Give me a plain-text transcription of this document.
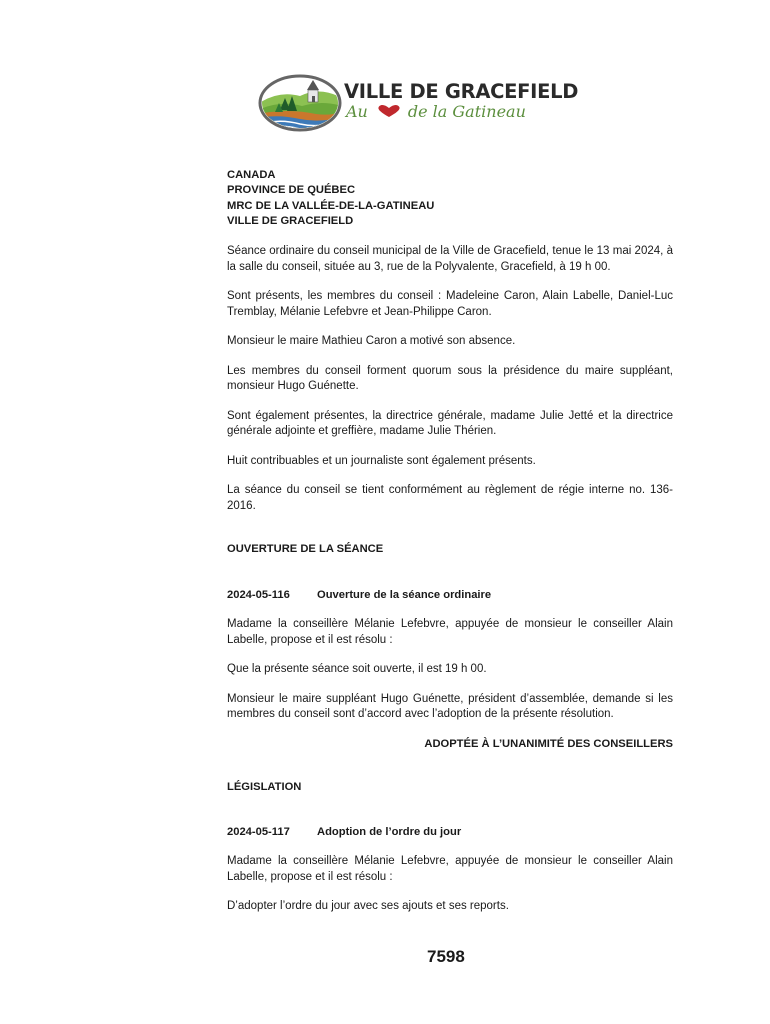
VILLE DE GRACEFIELD
Au	de la Gatineau
CANADA
PROVINCE DE QUÉBEC
MRC DE LA VALLÉE-DE-LA-GATINEAU
VILLE DE GRACEFIELD

Séance ordinaire du conseil municipal de la Ville de Gracefield, tenue le 13 mai 2024, à la salle du conseil, située au 3, rue de la Polyvalente, Gracefield, à 19 h 00.

Sont présents, les membres du conseil : Madeleine Caron, Alain Labelle, Daniel-Luc Tremblay, Mélanie Lefebvre et Jean-Philippe Caron.

Monsieur le maire Mathieu Caron a motivé son absence.

Les membres du conseil forment quorum sous la présidence du maire suppléant, monsieur Hugo Guénette.

Sont également présentes, la directrice générale, madame Julie Jetté et la directrice générale adjointe et greffière, madame Julie Thérien.

Huit contribuables et un journaliste sont également présents.

La séance du conseil se tient conformément au règlement de régie interne no. 136-2016.

OUVERTURE DE LA SÉANCE
2024-05-116 Ouverture de la séance ordinaire

Madame la conseillère Mélanie Lefebvre, appuyée de monsieur le conseiller Alain Labelle, propose et il est résolu :

Que la présente séance soit ouverte, il est 19 h 00.

Monsieur le maire suppléant Hugo Guénette, président d’assemblée, demande si les membres du conseil sont d’accord avec l’adoption de la présente résolution.

ADOPTÉE À L’UNANIMITÉ DES CONSEILLERS
LÉGISLATION
2024-05-117 Adoption de l’ordre du jour

Madame la conseillère Mélanie Lefebvre, appuyée de monsieur le conseiller Alain Labelle, propose et il est résolu :

D’adopter l’ordre du jour avec ses ajouts et ses reports.

7598
